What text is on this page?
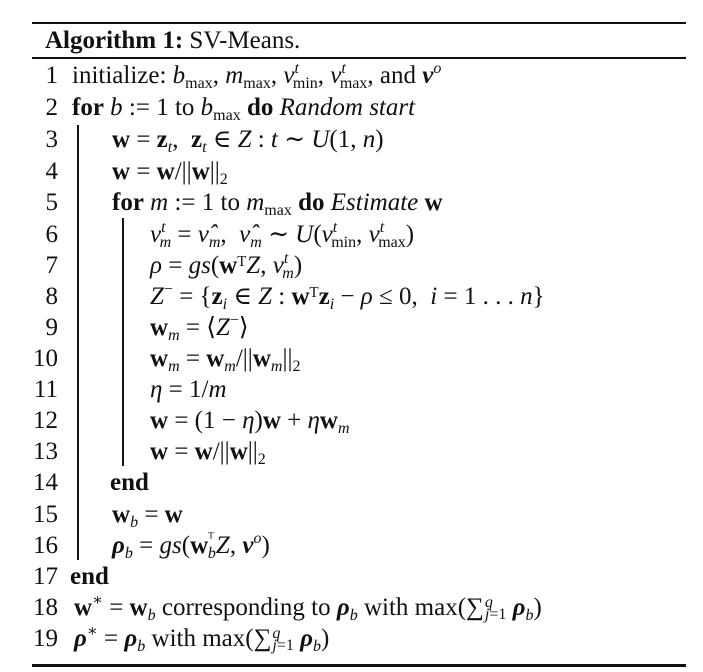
Algorithm 1: SV-Means.
1 initialize: $b_{max}$, $m_{max}$, $\nu^t_{min}$, $\nu^t_{max}$, and $\nu^o$
2 for b := 1 to $b_{max}$ do Random start
3 $w = z_t$,  $z_t$ ∈ Z : t ∼ U(1, n)
4 $w = w/||w||_2$
5 for m := 1 to $m_{max}$ do Estimate w
6	$\nu^t_m$ = $\nû_m$,  $\nû_m$ ∼ $U(\nu^t_{min}$, $\nu^t_{max}$)
7	ρ = gs(wᵀZ, $\nu^t_m$)
8	$Z^- = \{z_i$ ∈ Z : wᵀz$_i$ − ρ ≤ 0,  i = 1 . . . n}
9	$w_m$ = ⟨Z−⟩
10	$w_m = w_m/||w_m||_2$
11	η = 1/m
12	$w = (1 - \eta)w + \eta w_m$
13	$w = w/||w||_2$
14 end
15 $w_b = w$
16 $\rho_b = gs(w^ᵀ_bZ$, $\nu^o$)
17 end
18 $w^∗ = w_b$ corresponding to $\rho_b$ with max(∑ q
j=1 $\rho_b$)
19 $\rho^∗ = \rho_b$ with max(∑ q
j=1 $\rho_b$)
